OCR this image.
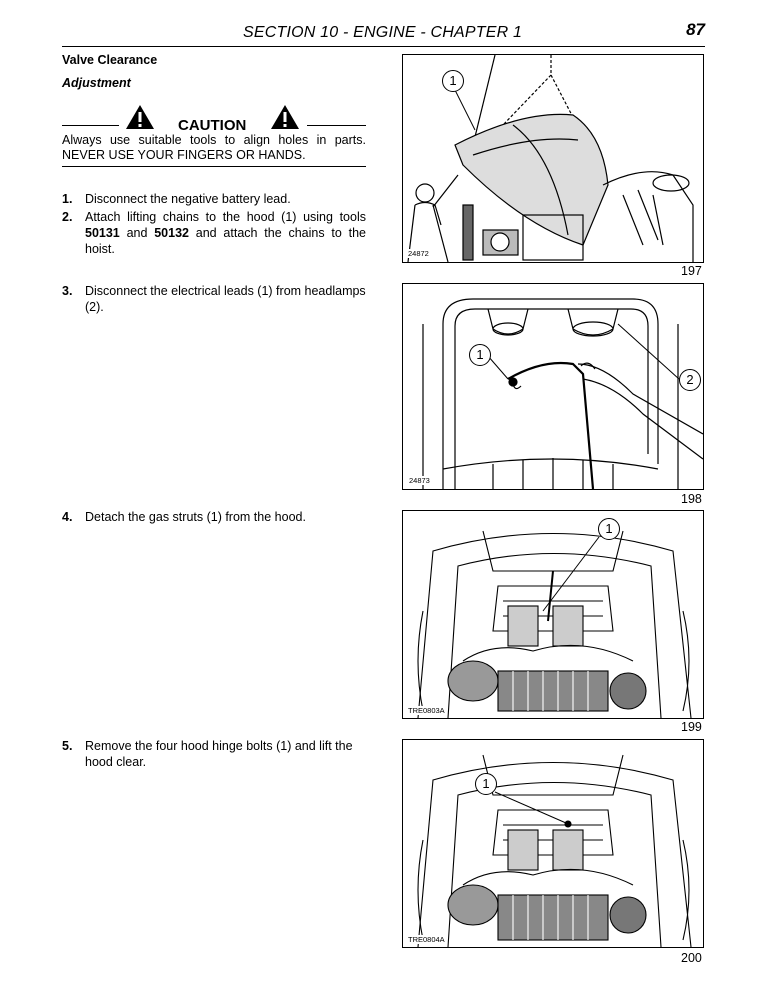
SECTION 10 - ENGINE - CHAPTER 1	87
Valve Clearance
Adjustment
CAUTION
Always use suitable tools to align holes in parts.
NEVER USE YOUR FINGERS OR HANDS.
1. Disconnect the negative battery lead.
2. Attach lifting chains to the hood (1) using tools 50131 and 50132 and attach the chains to the hoist.
3. Disconnect the electrical leads (1) from headlamps (2).
4. Detach the gas struts (1) from the hood.
5. Remove the four hood hinge bolts (1) and lift the hood clear.
1
24872
197
1
2
24873
198
1
TRE0803A
199
1
TRE0804A
200
